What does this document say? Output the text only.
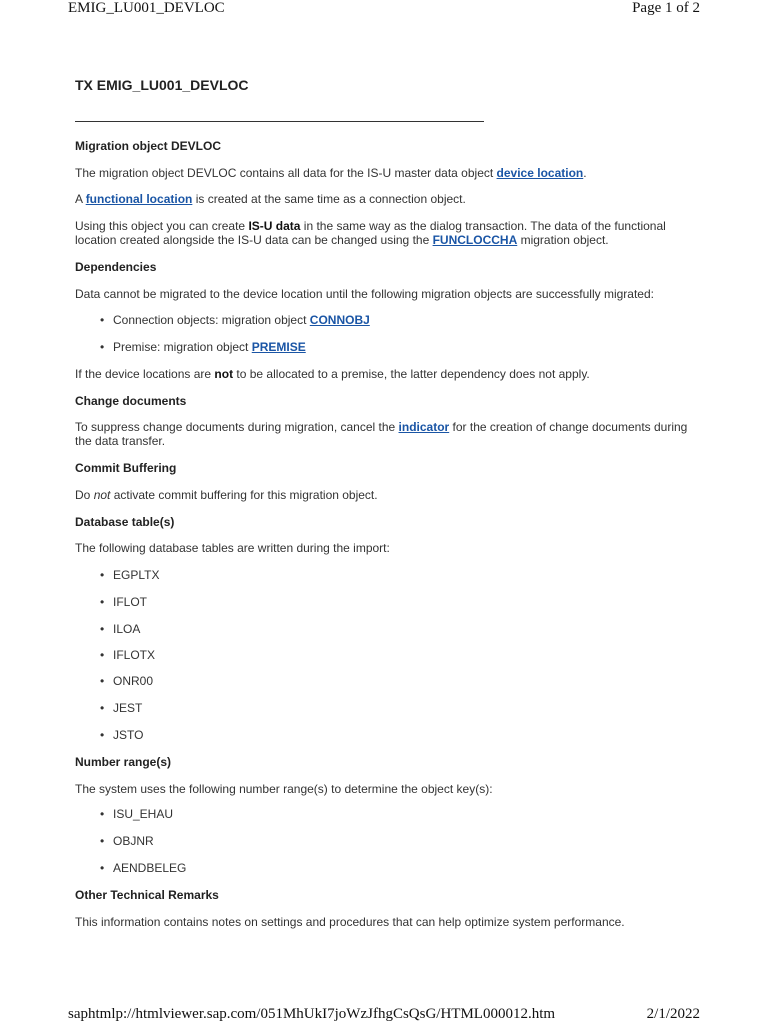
EMIG_LU001_DEVLOC	Page 1 of 2
TX EMIG_LU001_DEVLOC
Migration object DEVLOC
The migration object DEVLOC contains all data for the IS-U master data object device location.
A functional location is created at the same time as a connection object.
Using this object you can create IS-U data in the same way as the dialog transaction. The data of the functional location created alongside the IS-U data can be changed using the FUNCLOCCHA migration object.
Dependencies
Data cannot be migrated to the device location until the following migration objects are successfully migrated:
• Connection objects: migration object CONNOBJ
• Premise: migration object PREMISE
If the device locations are not to be allocated to a premise, the latter dependency does not apply.
Change documents
To suppress change documents during migration, cancel the indicator for the creation of change documents during the data transfer.
Commit Buffering
Do not activate commit buffering for this migration object.
Database table(s)
The following database tables are written during the import:
• EGPLTX
• IFLOT
• ILOA
• IFLOTX
• ONR00
• JEST
• JSTO
Number range(s)
The system uses the following number range(s) to determine the object key(s):
• ISU_EHAU
• OBJNR
• AENDBELEG
Other Technical Remarks
This information contains notes on settings and procedures that can help optimize system performance.
saphtmlp://htmlviewer.sap.com/051MhUkI7joWzJfhgCsQsG/HTML000012.htm	2/1/2022
